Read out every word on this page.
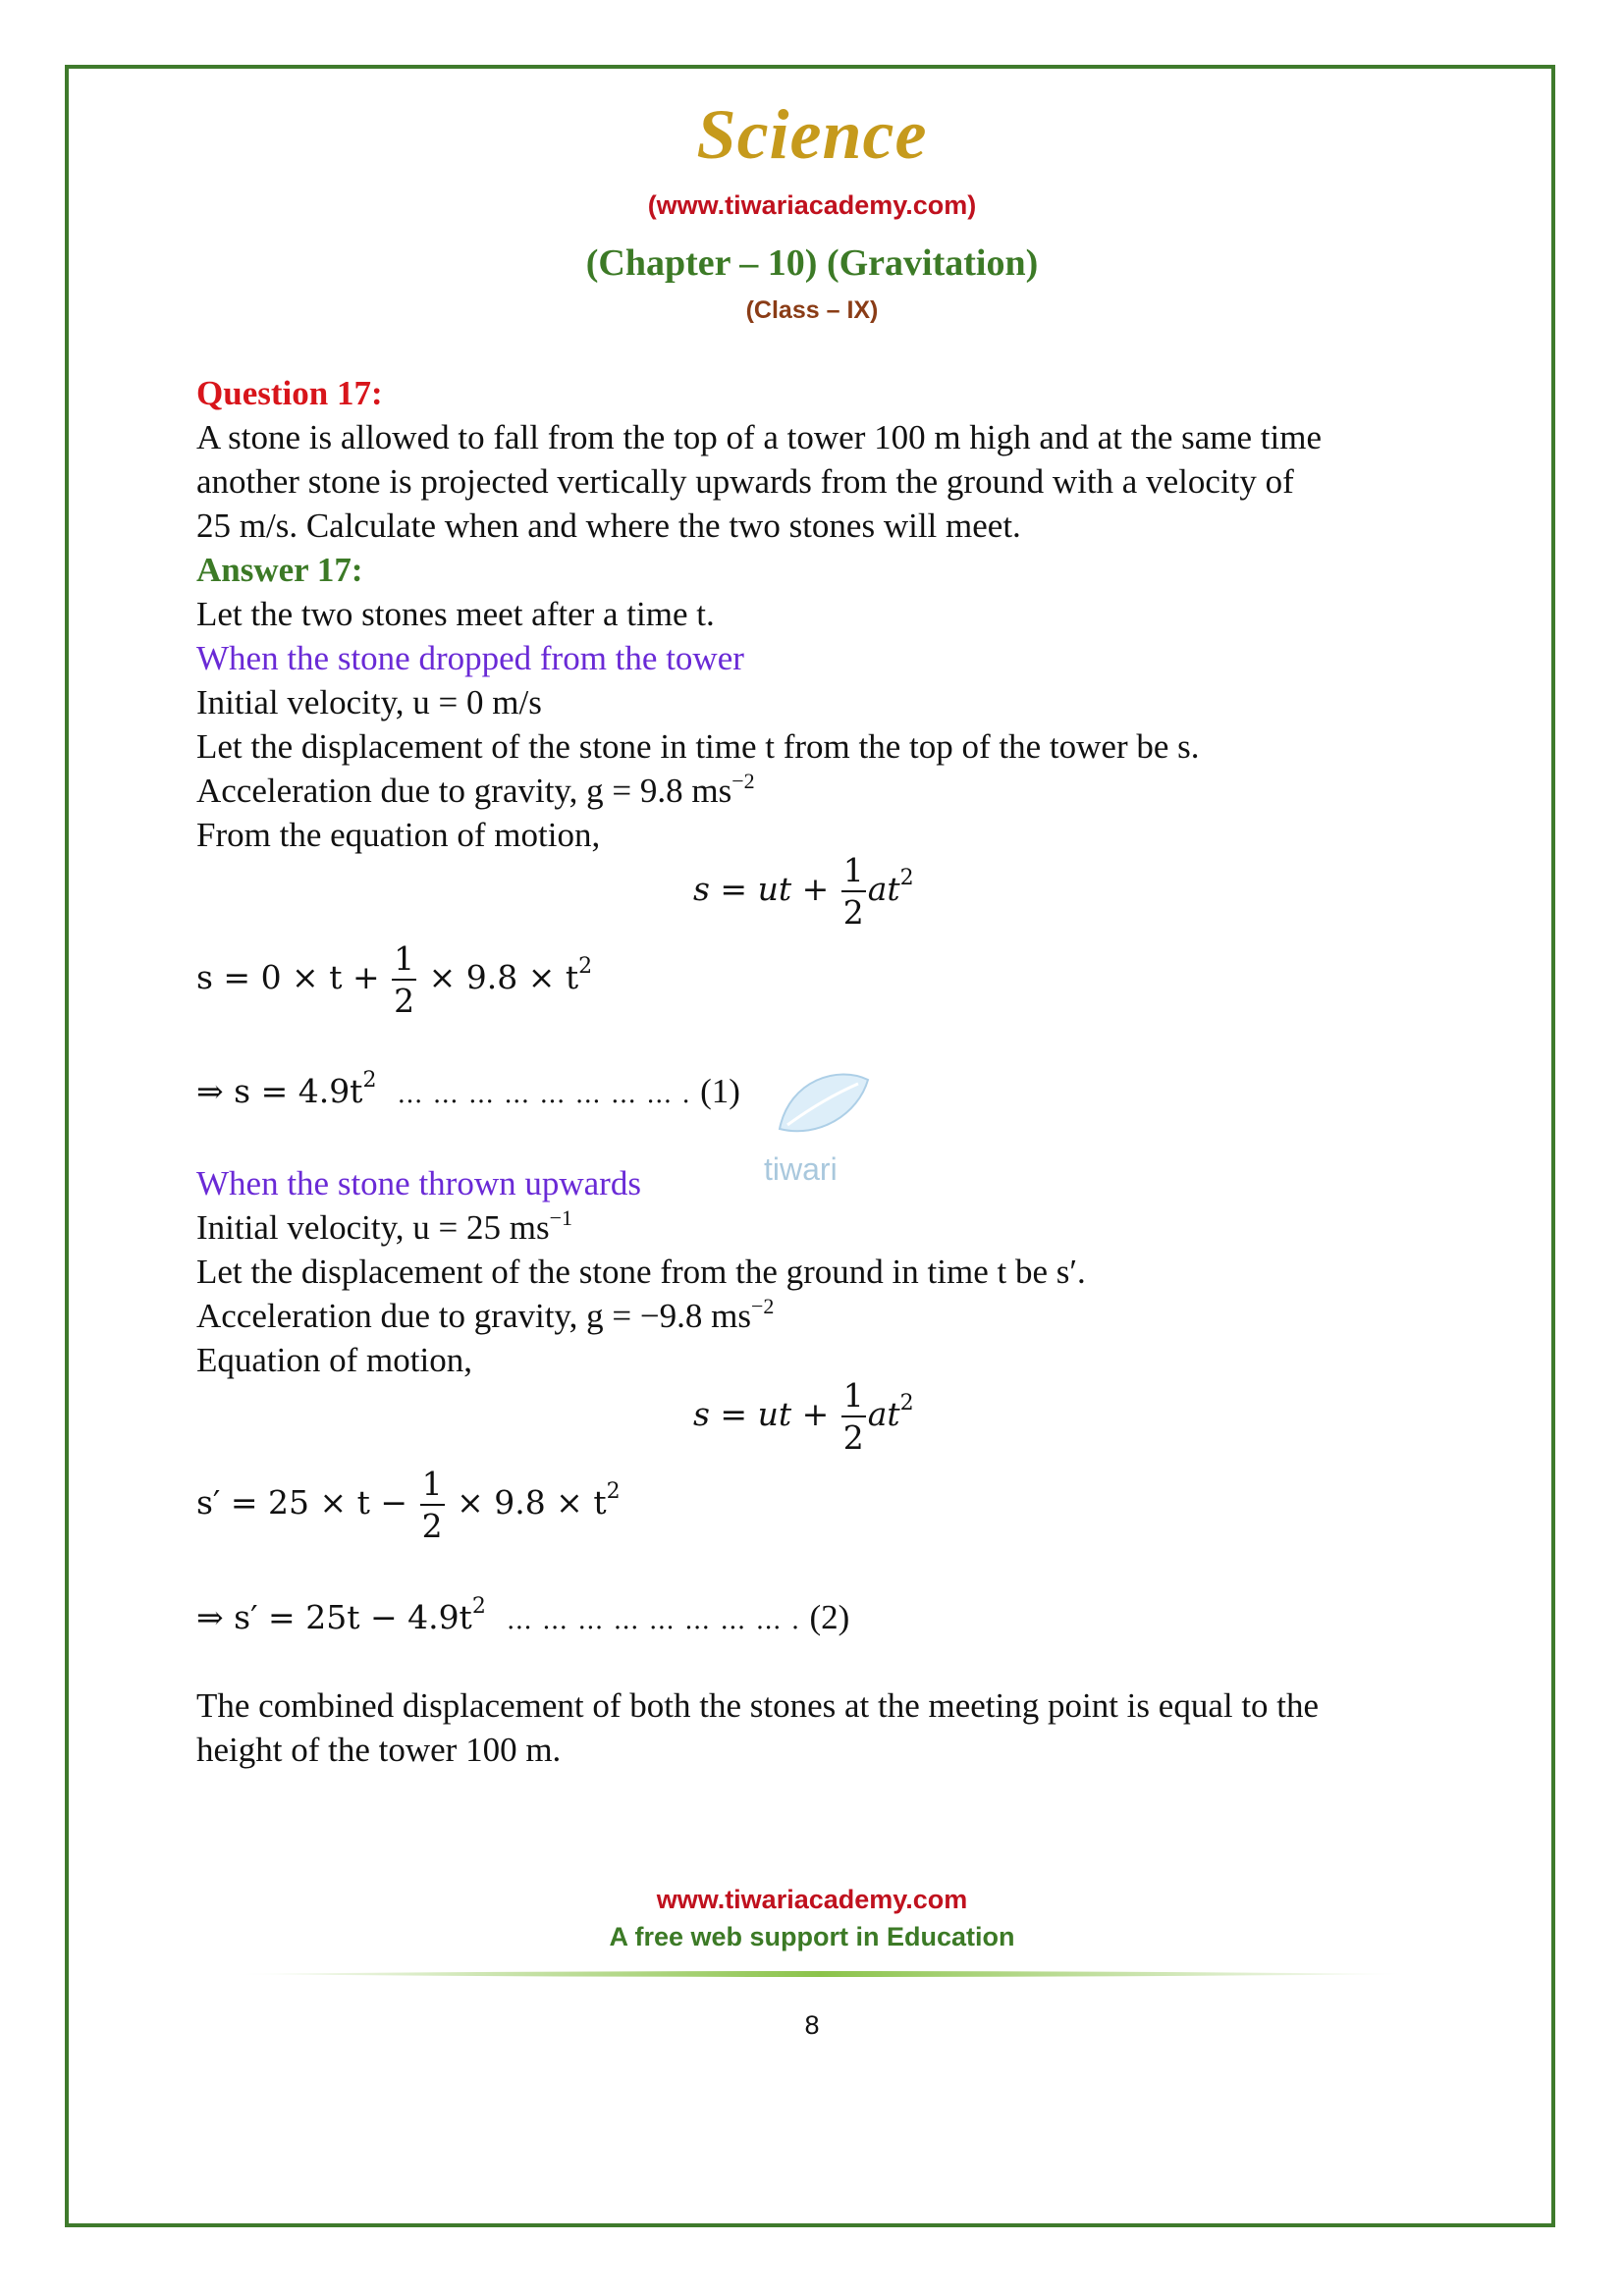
Science

(www.tiwariacademy.com)

(Chapter – 10) (Gravitation)

(Class – IX)

Question 17:

A stone is allowed to fall from the top of a tower 100 m high and at the same time

another stone is projected vertically upwards from the ground with a velocity of

25 m/s. Calculate when and where the two stones will meet.

Answer 17:

Let the two stones meet after a time t.

When the stone dropped from the tower

Initial velocity, u = 0 m/s

Let the displacement of the stone in time t from the top of the tower be s.

Acceleration due to gravity, g = 9.8 $ms^{-2}$

From the equation of motion,

s = ut + $\frac{1}{2} at^2$
$s = 0 \times t + \frac{1}{2} \times 9.8 \times t^2$
⇒ $s = 4.9t^2$ … … … … … … … … . (1)
tiwari

When the stone thrown upwards

Initial velocity, u = 25 $ms^{-1}$

Let the displacement of the stone from the ground in time t be s′.

Acceleration due to gravity, g = −9.8 $ms^{-2}$

Equation of motion,

s = ut + $\frac{1}{2} at^2$
$s' = 25 \times t - \frac{1}{2} \times 9.8 \times t^2$
⇒ $s' = 25t - 4.9t^2$ … … … … … … … … . (2)

The combined displacement of both the stones at the meeting point is equal to the

height of the tower 100 m.

www.tiwariacademy.com

A free web support in Education

8
